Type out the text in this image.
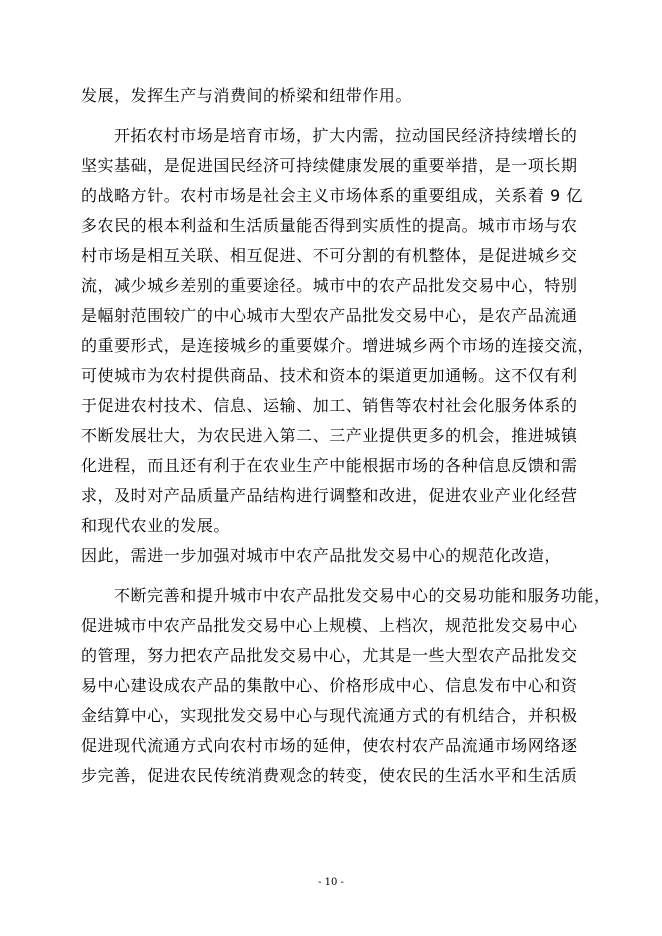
发展，发挥生产与消费间的桥梁和纽带作用。
开拓农村市场是培育市场，扩大内需，拉动国民经济持续增长的
坚实基础，是促进国民经济可持续健康发展的重要举措，是一项长期
的战略方针。农村市场是社会主义市场体系的重要组成，关系着 9 亿
多农民的根本利益和生活质量能否得到实质性的提高。城市市场与农
村市场是相互关联、相互促进、不可分割的有机整体，是促进城乡交
流，减少城乡差别的重要途径。城市中的农产品批发交易中心，特别
是幅射范围较广的中心城市大型农产品批发交易中心，是农产品流通
的重要形式，是连接城乡的重要媒介。增进城乡两个市场的连接交流，
可使城市为农村提供商品、技术和资本的渠道更加通畅。这不仅有利
于促进农村技术、信息、运输、加工、销售等农村社会化服务体系的
不断发展壮大，为农民进入第二、三产业提供更多的机会，推进城镇
化进程，而且还有利于在农业生产中能根据市场的各种信息反馈和需
求，及时对产品质量产品结构进行调整和改进，促进农业产业化经营
和现代农业的发展。
因此，需进一步加强对城市中农产品批发交易中心的规范化改造，
不断完善和提升城市中农产品批发交易中心的交易功能和服务功能，
促进城市中农产品批发交易中心上规模、上档次，规范批发交易中心
的管理，努力把农产品批发交易中心，尤其是一些大型农产品批发交
易中心建设成农产品的集散中心、价格形成中心、信息发布中心和资
金结算中心，实现批发交易中心与现代流通方式的有机结合，并积极
促进现代流通方式向农村市场的延伸，使农村农产品流通市场网络逐
步完善，促进农民传统消费观念的转变，使农民的生活水平和生活质
- 10 -
